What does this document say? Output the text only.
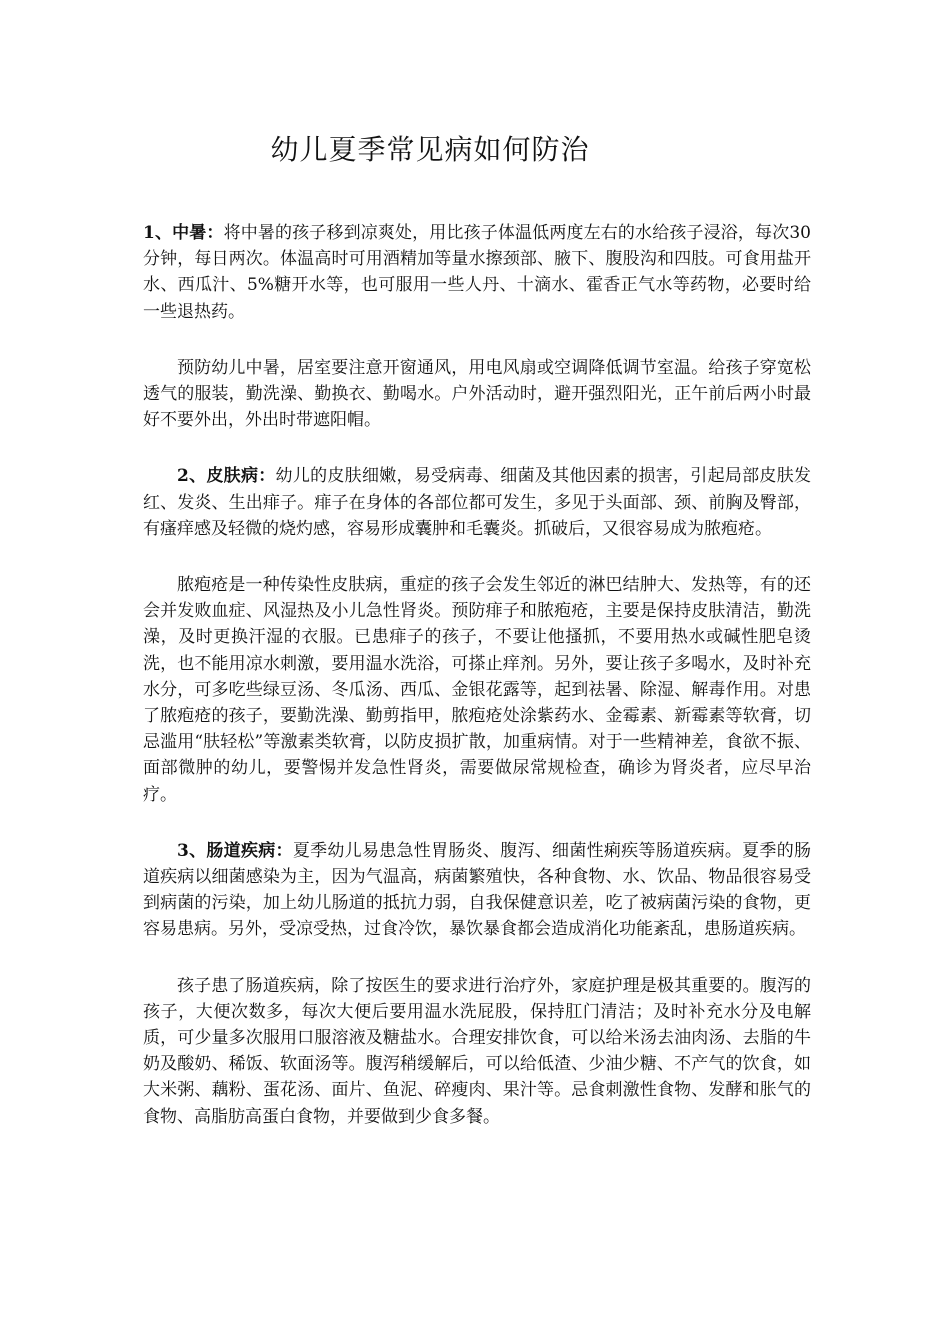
幼儿夏季常见病如何防治

1、中暑：将中暑的孩子移到凉爽处，用比孩子体温低两度左右的水给孩子浸浴，每次30分钟，每日两次。体温高时可用酒精加等量水擦颈部、腋下、腹股沟和四肢。可食用盐开水、西瓜汁、5%糖开水等，也可服用一些人丹、十滴水、霍香正气水等药物，必要时给一些退热药。

预防幼儿中暑，居室要注意开窗通风，用电风扇或空调降低调节室温。给孩子穿宽松透气的服装，勤洗澡、勤换衣、勤喝水。户外活动时，避开强烈阳光，正午前后两小时最好不要外出，外出时带遮阳帽。

2、皮肤病：幼儿的皮肤细嫩，易受病毒、细菌及其他因素的损害，引起局部皮肤发红、发炎、生出痱子。痱子在身体的各部位都可发生，多见于头面部、颈、前胸及臀部，有瘙痒感及轻微的烧灼感，容易形成囊肿和毛囊炎。抓破后，又很容易成为脓疱疮。

脓疱疮是一种传染性皮肤病，重症的孩子会发生邻近的淋巴结肿大、发热等，有的还会并发败血症、风湿热及小儿急性肾炎。预防痱子和脓疱疮，主要是保持皮肤清洁，勤洗澡，及时更换汗湿的衣服。已患痱子的孩子，不要让他搔抓，不要用热水或碱性肥皂烫洗，也不能用凉水刺激，要用温水洗浴，可搽止痒剂。另外，要让孩子多喝水，及时补充水分，可多吃些绿豆汤、冬瓜汤、西瓜、金银花露等，起到祛暑、除湿、解毒作用。对患了脓疱疮的孩子，要勤洗澡、勤剪指甲，脓疱疮处涂紫药水、金霉素、新霉素等软膏，切忌滥用“肤轻松”等激素类软膏，以防皮损扩散，加重病情。对于一些精神差，食欲不振、面部微肿的幼儿，要警惕并发急性肾炎，需要做尿常规检查，确诊为肾炎者，应尽早治疗。

3、肠道疾病：夏季幼儿易患急性胃肠炎、腹泻、细菌性痢疾等肠道疾病。夏季的肠道疾病以细菌感染为主，因为气温高，病菌繁殖快，各种食物、水、饮品、物品很容易受到病菌的污染，加上幼儿肠道的抵抗力弱，自我保健意识差，吃了被病菌污染的食物，更容易患病。另外，受凉受热，过食冷饮，暴饮暴食都会造成消化功能紊乱，患肠道疾病。

孩子患了肠道疾病，除了按医生的要求进行治疗外，家庭护理是极其重要的。腹泻的孩子，大便次数多，每次大便后要用温水洗屁股，保持肛门清洁；及时补充水分及电解质，可少量多次服用口服溶液及糖盐水。合理安排饮食，可以给米汤去油肉汤、去脂的牛奶及酸奶、稀饭、软面汤等。腹泻稍缓解后，可以给低渣、少油少糖、不产气的饮食，如大米粥、藕粉、蛋花汤、面片、鱼泥、碎瘦肉、果汁等。忌食刺激性食物、发酵和胀气的食物、高脂肪高蛋白食物，并要做到少食多餐。
